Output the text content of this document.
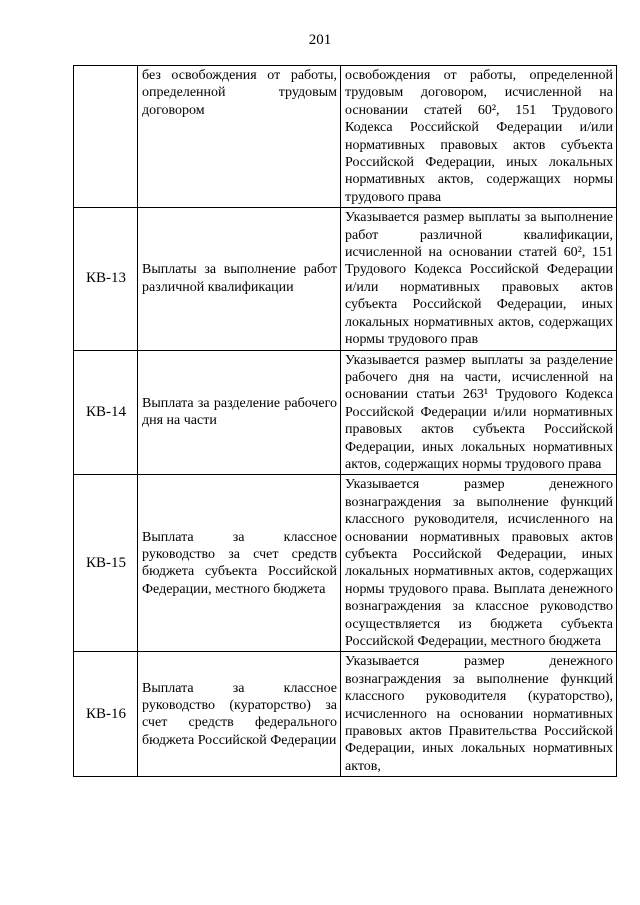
201
	без освобождения от работы, определенной трудовым договором	освобождения от работы, определенной трудовым договором, исчисленной на основании статей 60², 151 Трудового Кодекса Российской Федерации и/или нормативных правовых актов субъекта Российской Федерации, иных локальных нормативных актов, содержащих нормы трудового права
КВ-13	Выплаты за выполнение работ различной квалификации	Указывается размер выплаты за выполнение работ различной квалификации, исчисленной на основании статей 60², 151 Трудового Кодекса Российской Федерации и/или нормативных правовых актов субъекта Российской Федерации, иных локальных нормативных актов, содержащих нормы трудового прав
КВ-14	Выплата за разделение рабочего дня на части	Указывается размер выплаты за разделение рабочего дня на части, исчисленной на основании статьи 263¹ Трудового Кодекса Российской Федерации и/или нормативных правовых актов субъекта Российской Федерации, иных локальных нормативных актов, содержащих нормы трудового права
КВ-15	Выплата за классное руководство за счет средств бюджета субъекта Российской Федерации, местного бюджета	Указывается размер денежного вознаграждения за выполнение функций классного руководителя, исчисленного на основании нормативных правовых актов субъекта Российской Федерации, иных локальных нормативных актов, содержащих нормы трудового права. Выплата денежного вознаграждения за классное руководство осуществляется из бюджета субъекта Российской Федерации, местного бюджета
КВ-16	Выплата за классное руководство (кураторство) за счет средств федерального бюджета Российской Федерации	Указывается размер денежного вознаграждения за выполнение функций классного руководителя (кураторство), исчисленного на основании нормативных правовых актов Правительства Российской Федерации, иных локальных нормативных актов,
